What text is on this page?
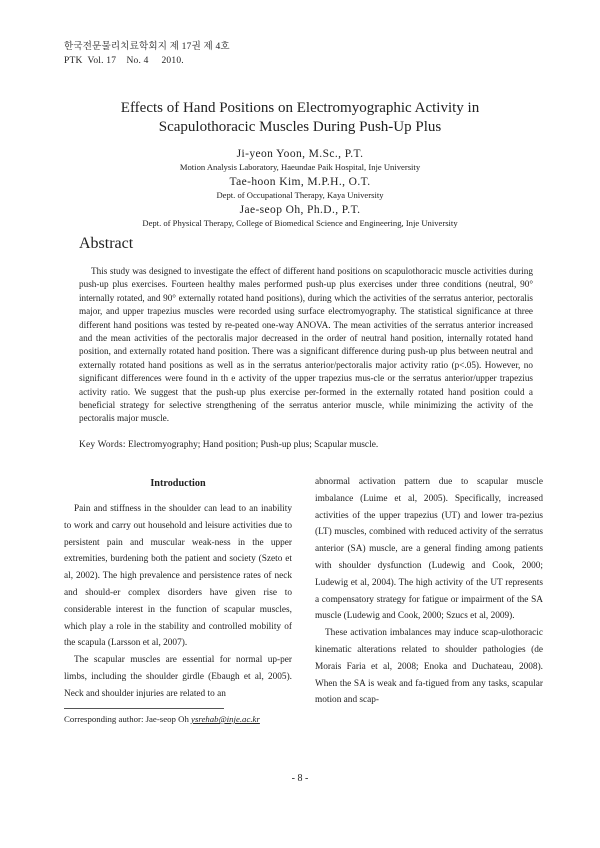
한국전문물리치료학회지 제 17권 제 4호
PTK  Vol. 17    No. 4     2010.
Effects of Hand Positions on Electromyographic Activity in
Scapulothoracic Muscles During Push-Up Plus
Ji-yeon Yoon, M.Sc., P.T.
Motion Analysis Laboratory, Haeundae Paik Hospital, Inje University
Tae-hoon Kim, M.P.H., O.T.
Dept. of Occupational Therapy, Kaya University
Jae-seop Oh, Ph.D., P.T.
Dept. of Physical Therapy, College of Biomedical Science and Engineering, Inje University
Abstract

This study was designed to investigate the effect of different hand positions on scapulothoracic muscle activities during push-up plus exercises. Fourteen healthy males performed push-up plus exercises under three conditions (neutral, 90° internally rotated, and 90° externally rotated hand positions), during which the activities of the serratus anterior, pectoralis major, and upper trapezius muscles were recorded using surface electromyography. The statistical significance at three different hand positions was tested by re-peated one-way ANOVA. The mean activities of the serratus anterior increased and the mean activities of the pectoralis major decreased in the order of neutral hand position, internally rotated hand position, and externally rotated hand position. There was a significant difference during push-up plus between neutral and externally rotated hand positions as well as in the serratus anterior/pectoralis major activity ratio (p<.05). However, no significant differences were found in th e activity of the upper trapezius mus-cle or the serratus anterior/upper trapezius activity ratio. We suggest that the push-up plus exercise per-formed in the externally rotated hand position could a beneficial strategy for selective strengthening of the serratus anterior muscle, while minimizing the activity of the pectoralis major muscle.

Key Words: Electromyography; Hand position; Push-up plus; Scapular muscle.
Introduction

Pain and stiffness in the shoulder can lead to an inability to work and carry out household and leisure activities due to persistent pain and muscular weak-ness in the upper extremities, burdening both the patient and society (Szeto et al, 2002). The high prevalence and persistence rates of neck and should-er complex disorders have given rise to considerable interest in the function of scapular muscles, which play a role in the stability and controlled mobility of the scapula (Larsson et al, 2007).

The scapular muscles are essential for normal up-per limbs, including the shoulder girdle (Ebaugh et al, 2005). Neck and shoulder injuries are related to an

abnormal activation pattern due to scapular muscle imbalance (Luime et al, 2005). Specifically, increased activities of the upper trapezius (UT) and lower tra-pezius (LT) muscles, combined with reduced activity of the serratus anterior (SA) muscle, are a general finding among patients with shoulder dysfunction (Ludewig and Cook, 2000; Ludewig et al, 2004). The high activity of the UT represents a compensatory strategy for fatigue or impairment of the SA muscle (Ludewig and Cook, 2000; Szucs et al, 2009).

These activation imbalances may induce scap-ulothoracic kinematic alterations related to shoulder pathologies (de Morais Faria et al, 2008; Enoka and Duchateau, 2008). When the SA is weak and fa-tigued from any tasks, scapular motion and scap-

Corresponding author: Jae-seop Oh ysrehab@inje.ac.kr
- 8 -
